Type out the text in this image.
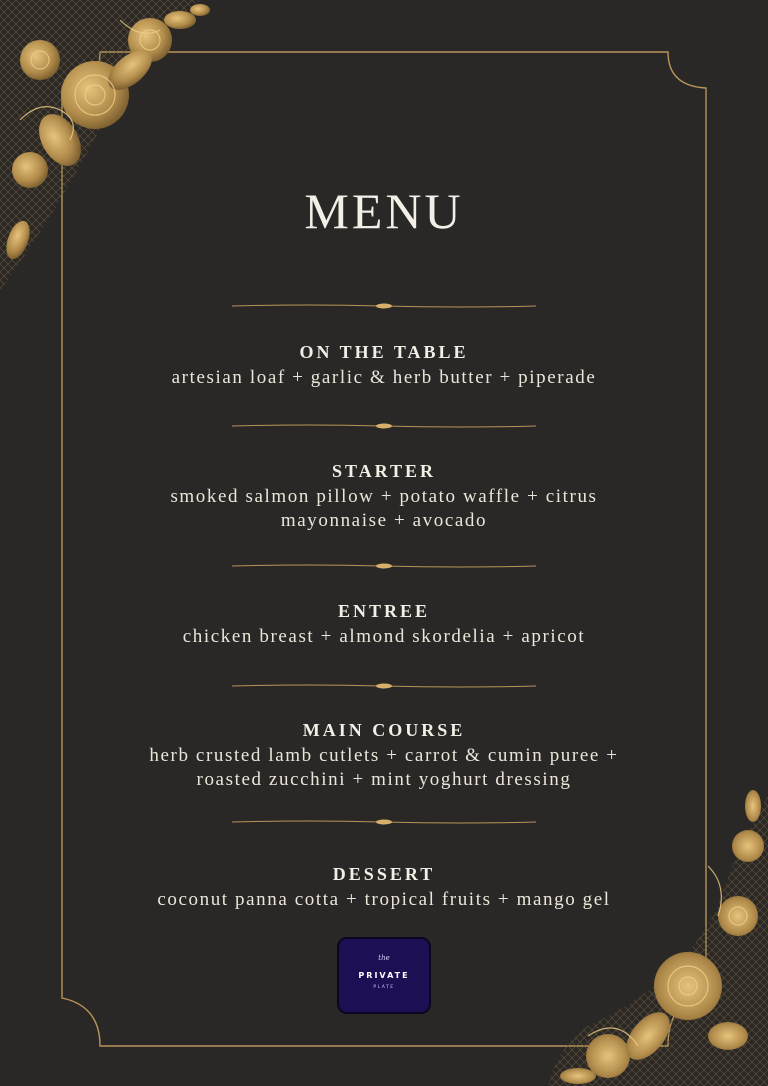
MENU
ON THE TABLE

artesian loaf + garlic & herb butter + piperade

STARTER

smoked salmon pillow + potato waffle + citrus

mayonnaise + avocado

ENTREE

chicken breast + almond skordelia + apricot

MAIN COURSE

herb crusted lamb cutlets + carrot & cumin puree +

roasted zucchini + mint yoghurt dressing

DESSERT

coconut panna cotta + tropical fruits + mango gel

the
PRIVATE
PLATE
